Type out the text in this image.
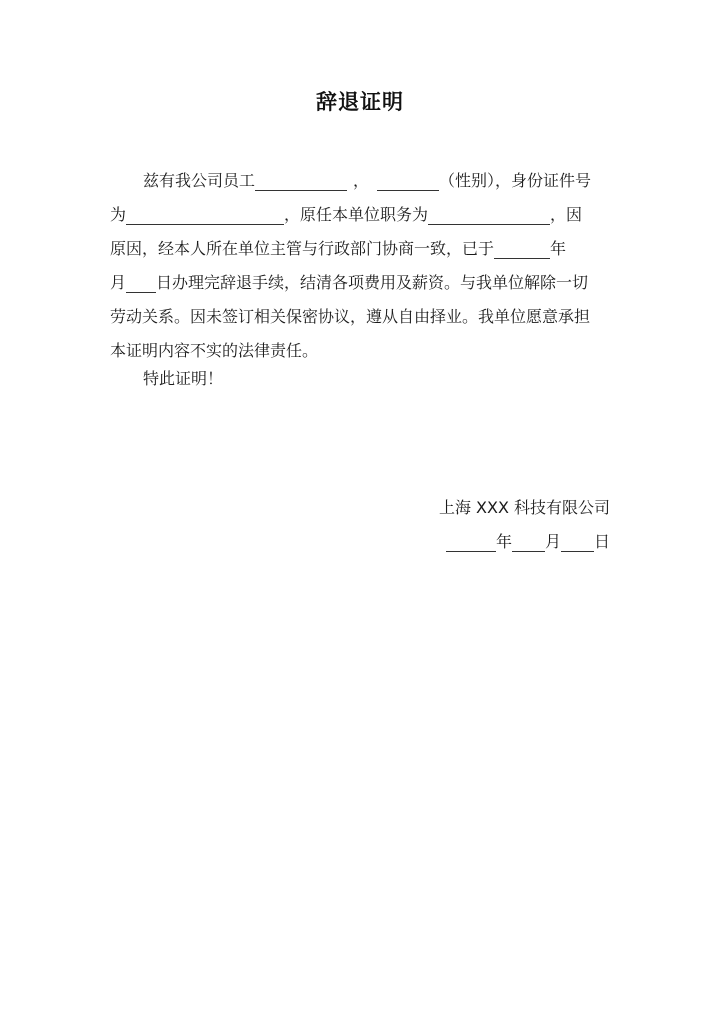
辞退证明
兹有我公司员工	，	（性别），身份证件号
为	，原任本单位职务为	，因
原因，经本人所在单位主管与行政部门协商一致，已于	年
月 日办理完辞退手续，结清各项费用及薪资。与我单位解除一切
劳动关系。因未签订相关保密协议，遵从自由择业。我单位愿意承担
本证明内容不实的法律责任。
特此证明！
上海 XXX 科技有限公司
年 月 日
